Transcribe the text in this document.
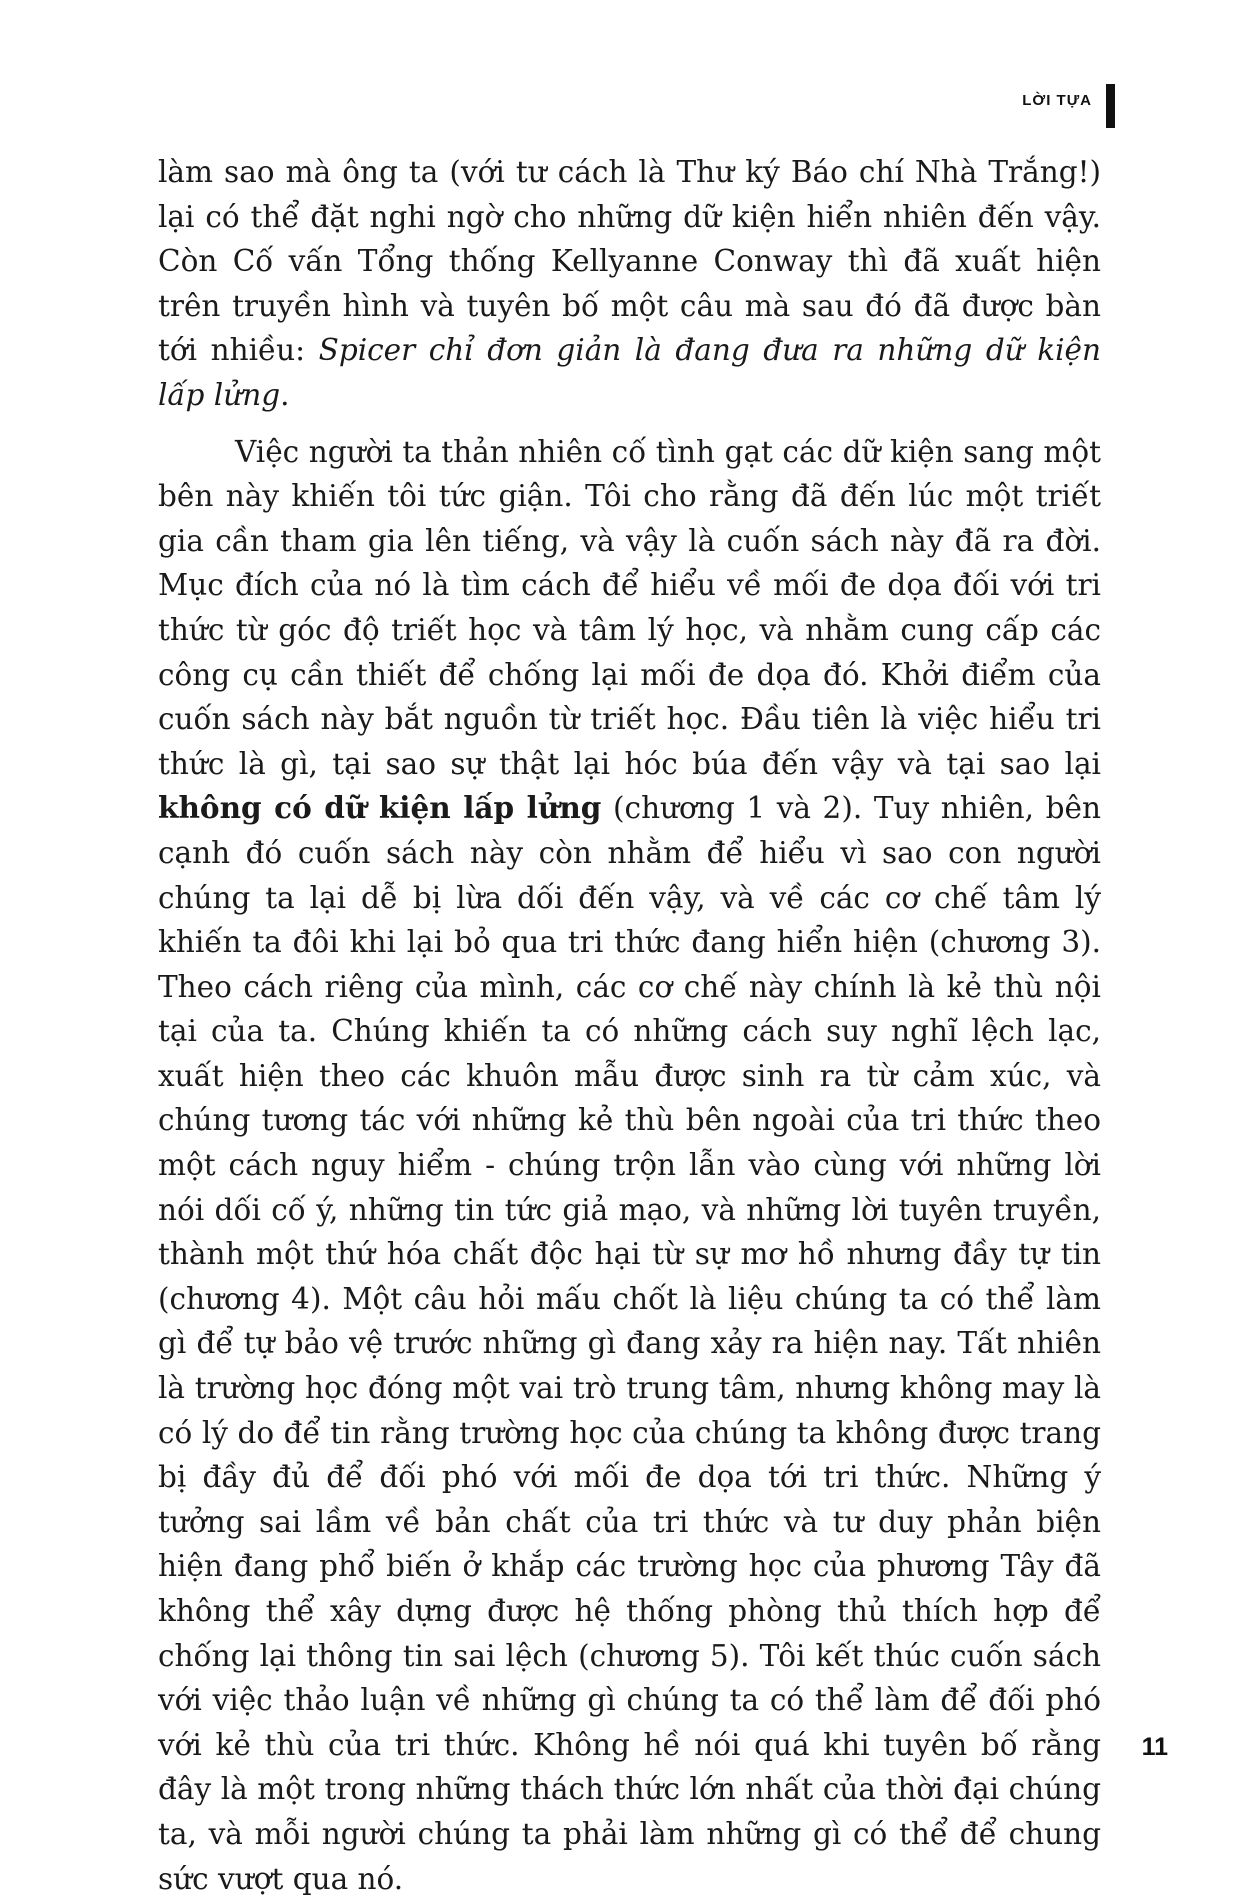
LỜI TỰA

làm sao mà ông ta (với tư cách là Thư ký Báo chí Nhà Trắng!) lại có thể đặt nghi ngờ cho những dữ kiện hiển nhiên đến vậy. Còn Cố vấn Tổng thống Kellyanne Conway thì đã xuất hiện trên truyền hình và tuyên bố một câu mà sau đó đã được bàn tới nhiều: Spicer chỉ đơn giản là đang đưa ra những dữ kiện lấp lửng.

Việc người ta thản nhiên cố tình gạt các dữ kiện sang một bên này khiến tôi tức giận. Tôi cho rằng đã đến lúc một triết gia cần tham gia lên tiếng, và vậy là cuốn sách này đã ra đời. Mục đích của nó là tìm cách để hiểu về mối đe dọa đối với tri thức từ góc độ triết học và tâm lý học, và nhằm cung cấp các công cụ cần thiết để chống lại mối đe dọa đó. Khởi điểm của cuốn sách này bắt nguồn từ triết học. Đầu tiên là việc hiểu tri thức là gì, tại sao sự thật lại hóc búa đến vậy và tại sao lại không có dữ kiện lấp lửng (chương 1 và 2). Tuy nhiên, bên cạnh đó cuốn sách này còn nhằm để hiểu vì sao con người chúng ta lại dễ bị lừa dối đến vậy, và về các cơ chế tâm lý khiến ta đôi khi lại bỏ qua tri thức đang hiển hiện (chương 3). Theo cách riêng của mình, các cơ chế này chính là kẻ thù nội tại của ta. Chúng khiến ta có những cách suy nghĩ lệch lạc, xuất hiện theo các khuôn mẫu được sinh ra từ cảm xúc, và chúng tương tác với những kẻ thù bên ngoài của tri thức theo một cách nguy hiểm - chúng trộn lẫn vào cùng với những lời nói dối cố ý, những tin tức giả mạo, và những lời tuyên truyền, thành một thứ hóa chất độc hại từ sự mơ hồ nhưng đầy tự tin (chương 4). Một câu hỏi mấu chốt là liệu chúng ta có thể làm gì để tự bảo vệ trước những gì đang xảy ra hiện nay. Tất nhiên là trường học đóng một vai trò trung tâm, nhưng không may là có lý do để tin rằng trường học của chúng ta không được trang bị đầy đủ để đối phó với mối đe dọa tới tri thức. Những ý tưởng sai lầm về bản chất của tri thức và tư duy phản biện hiện đang phổ biến ở khắp các trường học của phương Tây đã không thể xây dựng được hệ thống phòng thủ thích hợp để chống lại thông tin sai lệch (chương 5). Tôi kết thúc cuốn sách với việc thảo luận về những gì chúng ta có thể làm để đối phó với kẻ thù của tri thức. Không hề nói quá khi tuyên bố rằng đây là một trong những thách thức lớn nhất của thời đại chúng ta, và mỗi người chúng ta phải làm những gì có thể để chung sức vượt qua nó.

11
